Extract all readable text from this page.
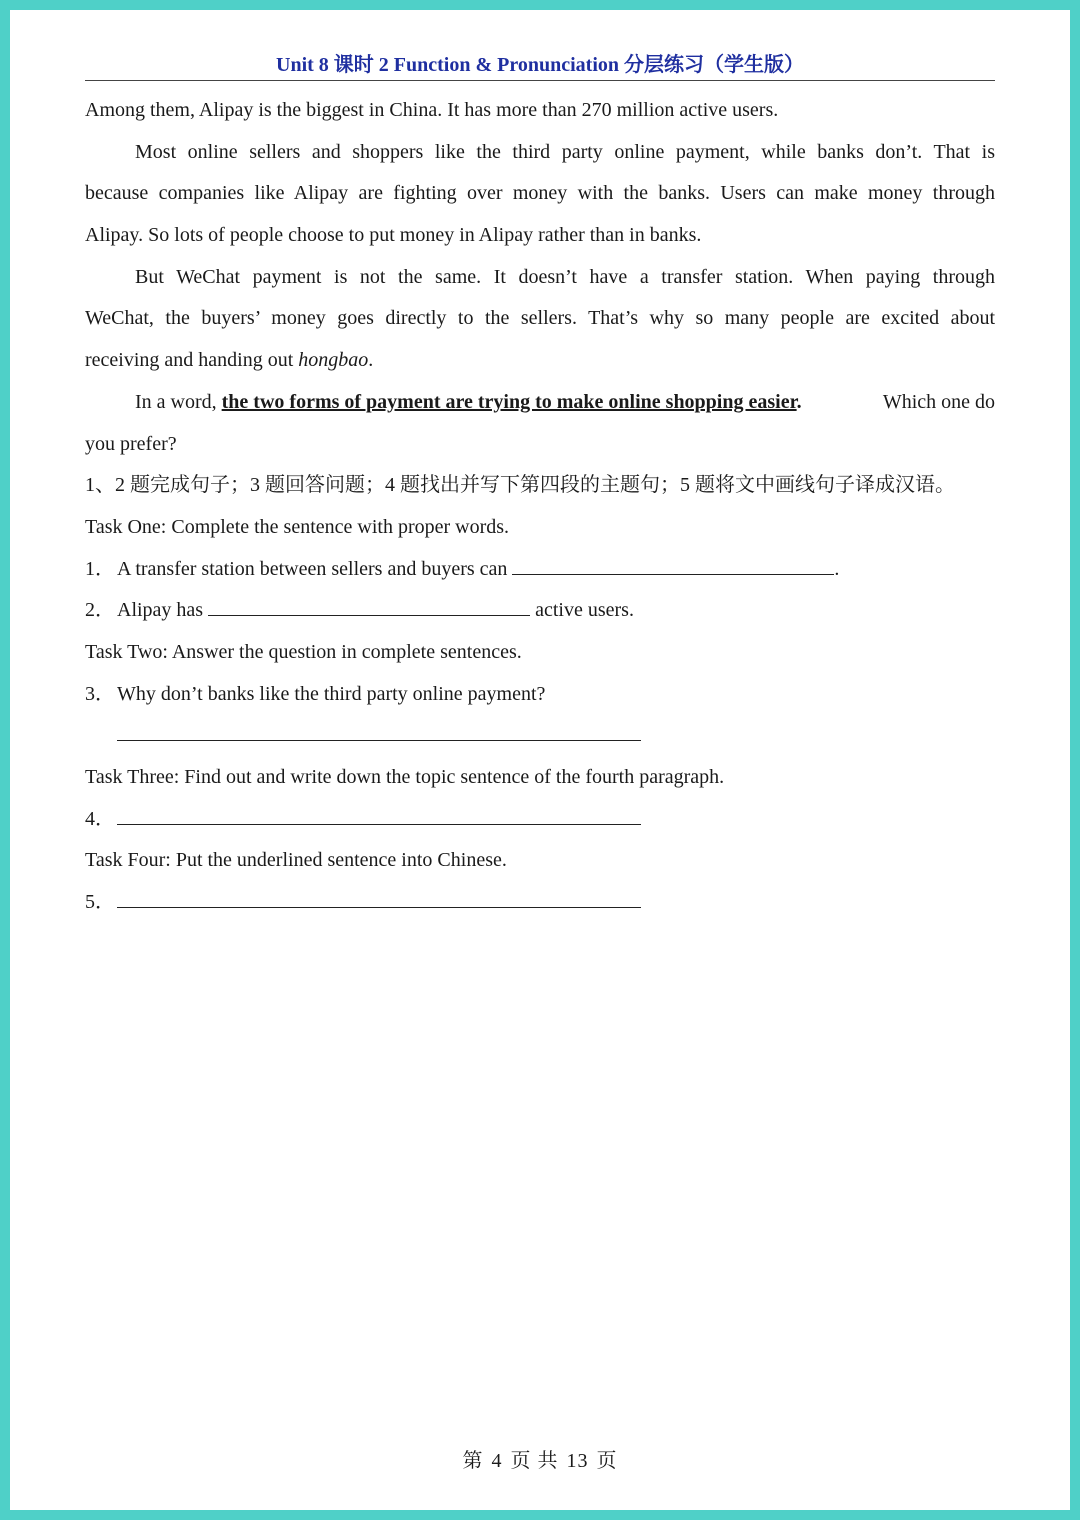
Unit 8 课时 2 Function & Pronunciation 分层练习（学生版）
Among them, Alipay is the biggest in China. It has more than 270 million active users.
Most online sellers and shoppers like the third party online payment, while banks don’t. That is
because companies like Alipay are fighting over money with the banks. Users can make money through
Alipay. So lots of people choose to put money in Alipay rather than in banks.
But WeChat payment is not the same. It doesn’t have a transfer station. When paying through
WeChat, the buyers’ money goes directly to the sellers. That’s why so many people are excited about
receiving and handing out hongbao.
In a word, the two forms of payment are trying to make online shopping easier.	Which one do
you prefer?
1、2 题完成句子；3 题回答问题；4 题找出并写下第四段的主题句；5 题将文中画线句子译成汉语。
Task One: Complete the sentence with proper words.
1． A transfer station between sellers and buyers can	.
2． Alipay has	active users.
Task Two: Answer the question in complete sentences.
3． Why don’t banks like the third party online payment?
Task Three: Find out and write down the topic sentence of the fourth paragraph.
4．
Task Four: Put the underlined sentence into Chinese.
5．
第 4 页 共 13 页
